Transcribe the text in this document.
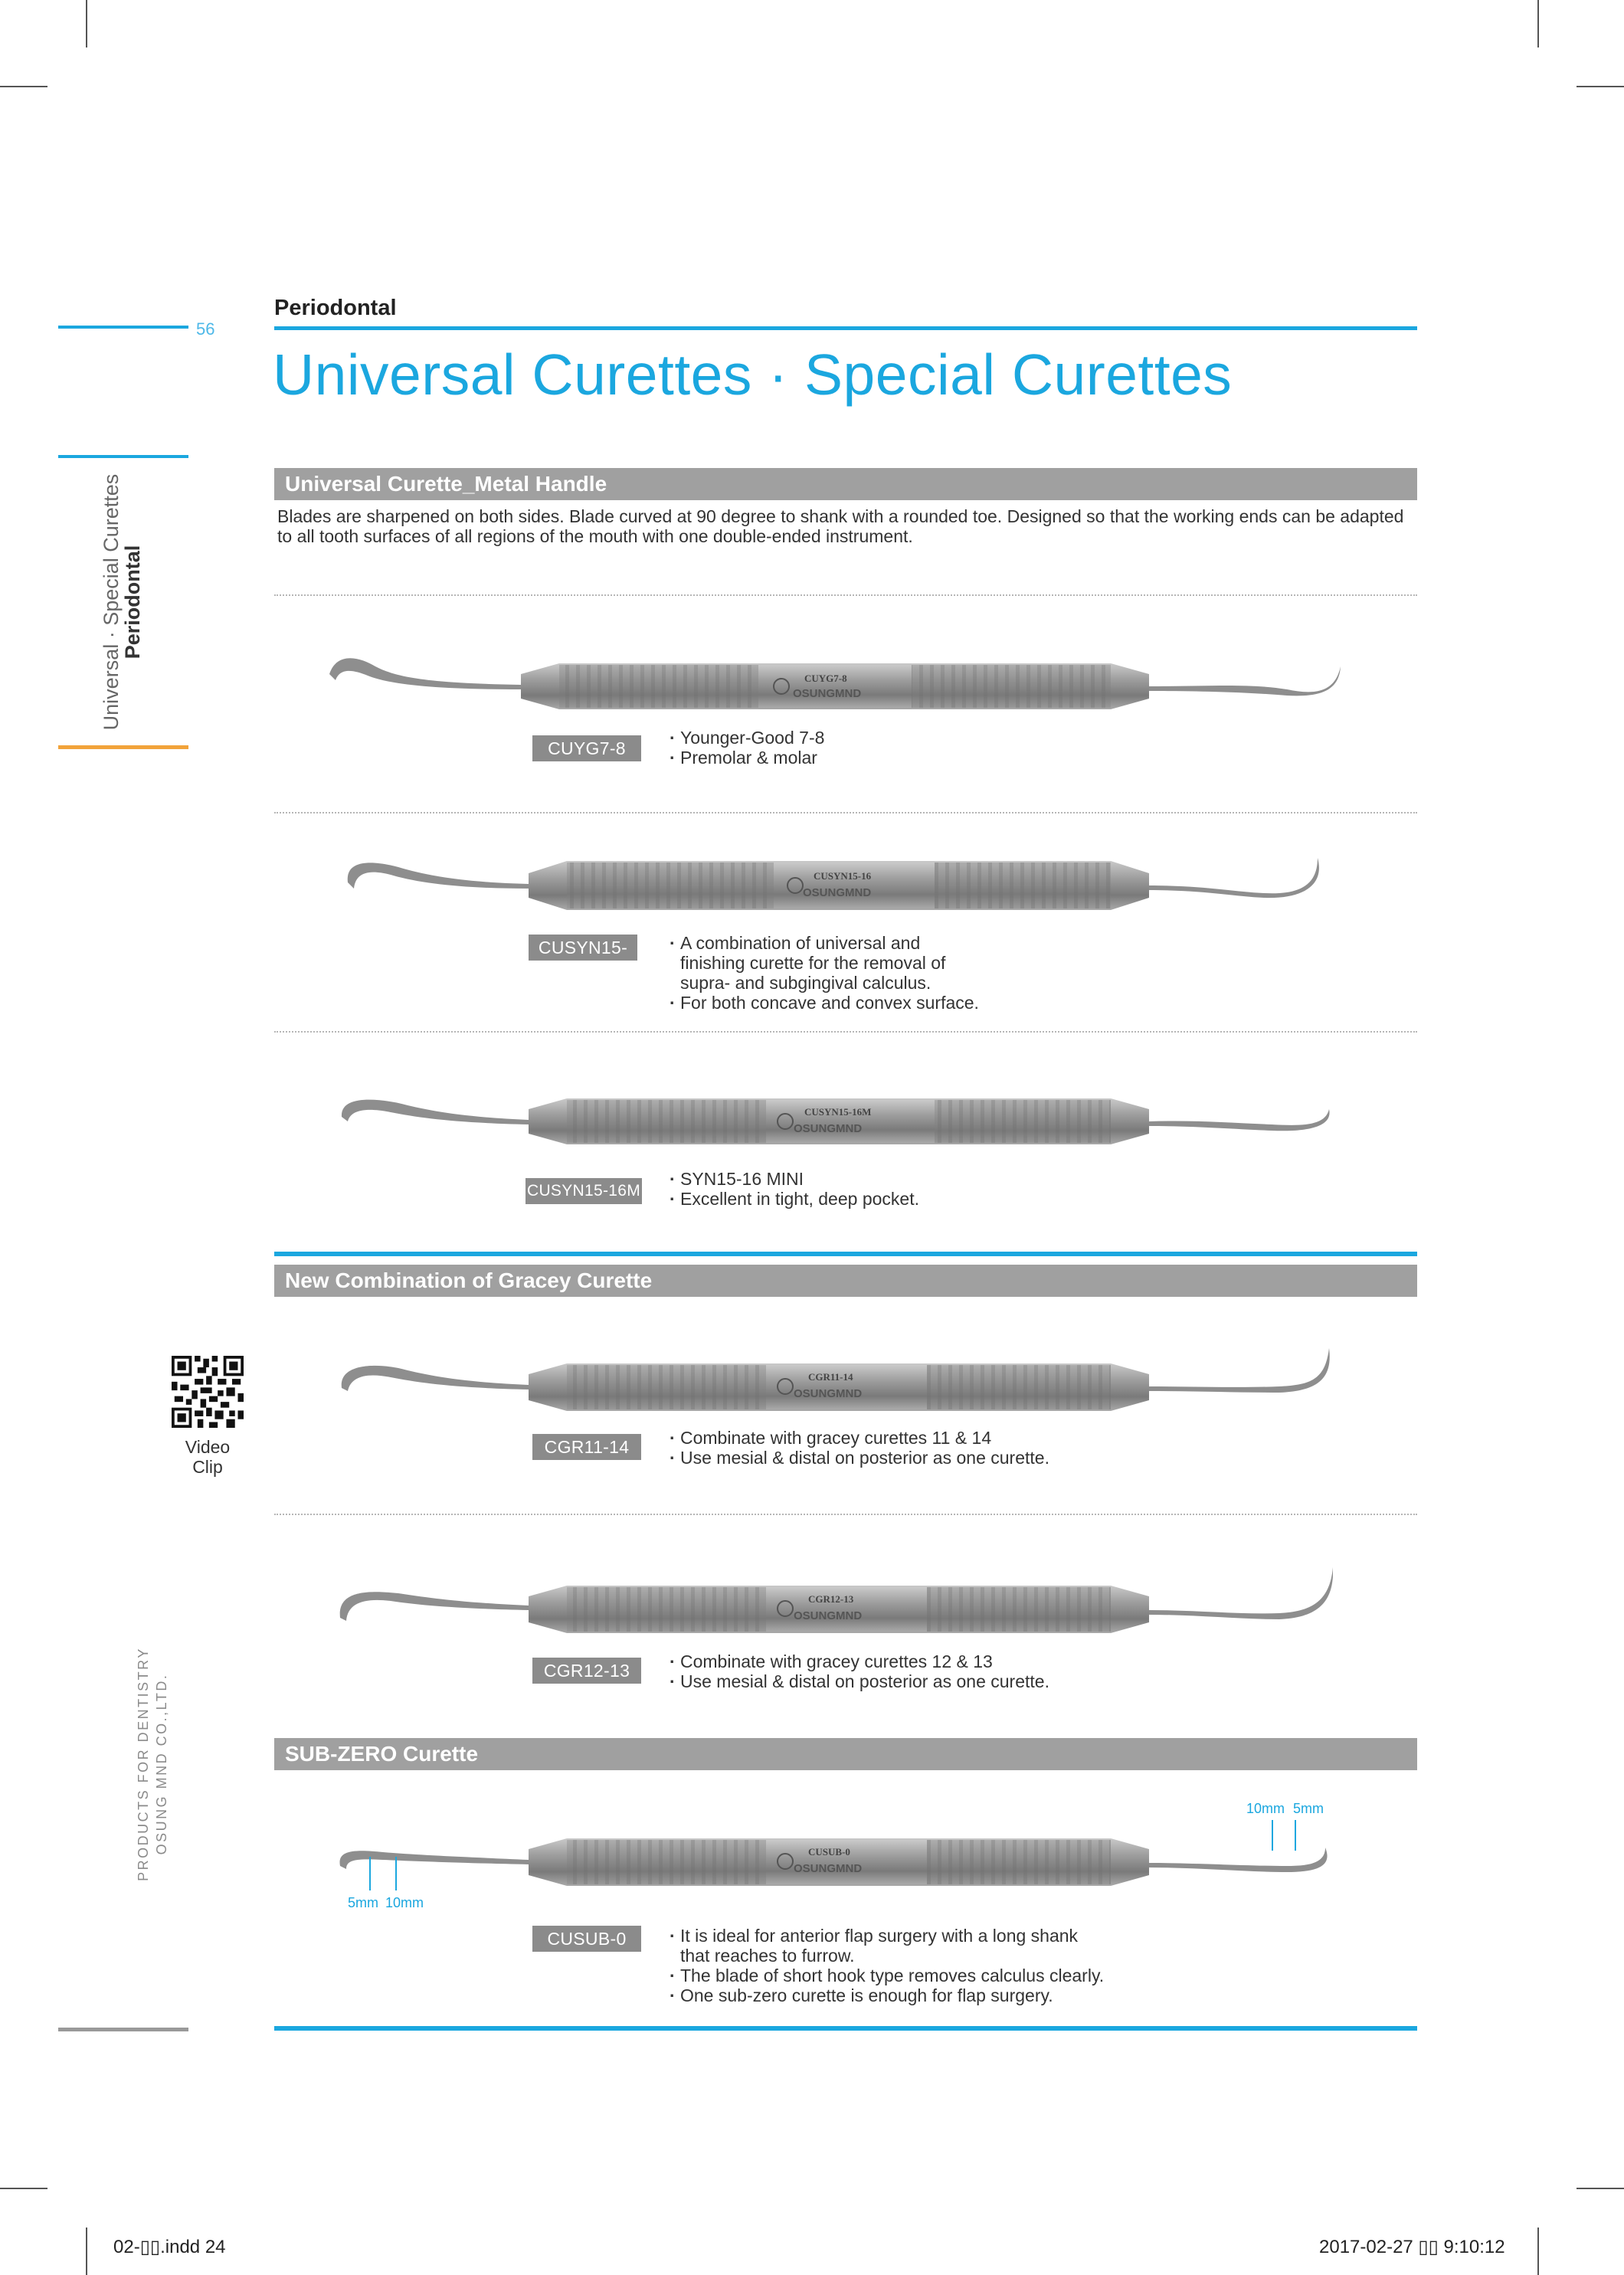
56
Periodontal
Universal Curettes · Special Curettes
Universal · Special Curettes
Periodontal
Universal Curette_Metal Handle
Blades are sharpened on both sides. Blade curved at 90 degree to shank with a rounded toe. Designed so that the working ends can be adapted to all tooth surfaces of all regions of the mouth with one double-ended instrument.
CUYG7-8
OSUNGMND
CUYG7-8
· Younger-Good 7-8
· Premolar & molar
CUSYN15-16
OSUNGMND
CUSYN15-16
· A combination of universal and
finishing curette for the removal of
supra- and subgingival calculus.
· For both concave and convex surface.
CUSYN15-16M
OSUNGMND
CUSYN15-16M
· SYN15-16 MINI
· Excellent in tight, deep pocket.
New Combination of Gracey Curette
Video
Clip
CGR11-14
OSUNGMND
CGR11-14	· Combinate with gracey curettes 11 & 14
· Use mesial & distal on posterior as one curette.
CGR12-13
OSUNGMND
CGR12-13	· Combinate with gracey curettes 12 & 13
· Use mesial & distal on posterior as one curette.
SUB-ZERO Curette
10mm 5mm
CUSUB-0
OSUNGMND
5mm 10mm
CUSUB-0	· It is ideal for anterior flap surgery with a long shank
that reaches to furrow.
· The blade of short hook type removes calculus clearly.
· One sub-zero curette is enough for flap surgery.
PRODUCTS FOR DENTISTRY OSUNG MND CO.,LTD.
02-▯▯.indd 24	2017-02-27 ▯▯ 9:10:12
